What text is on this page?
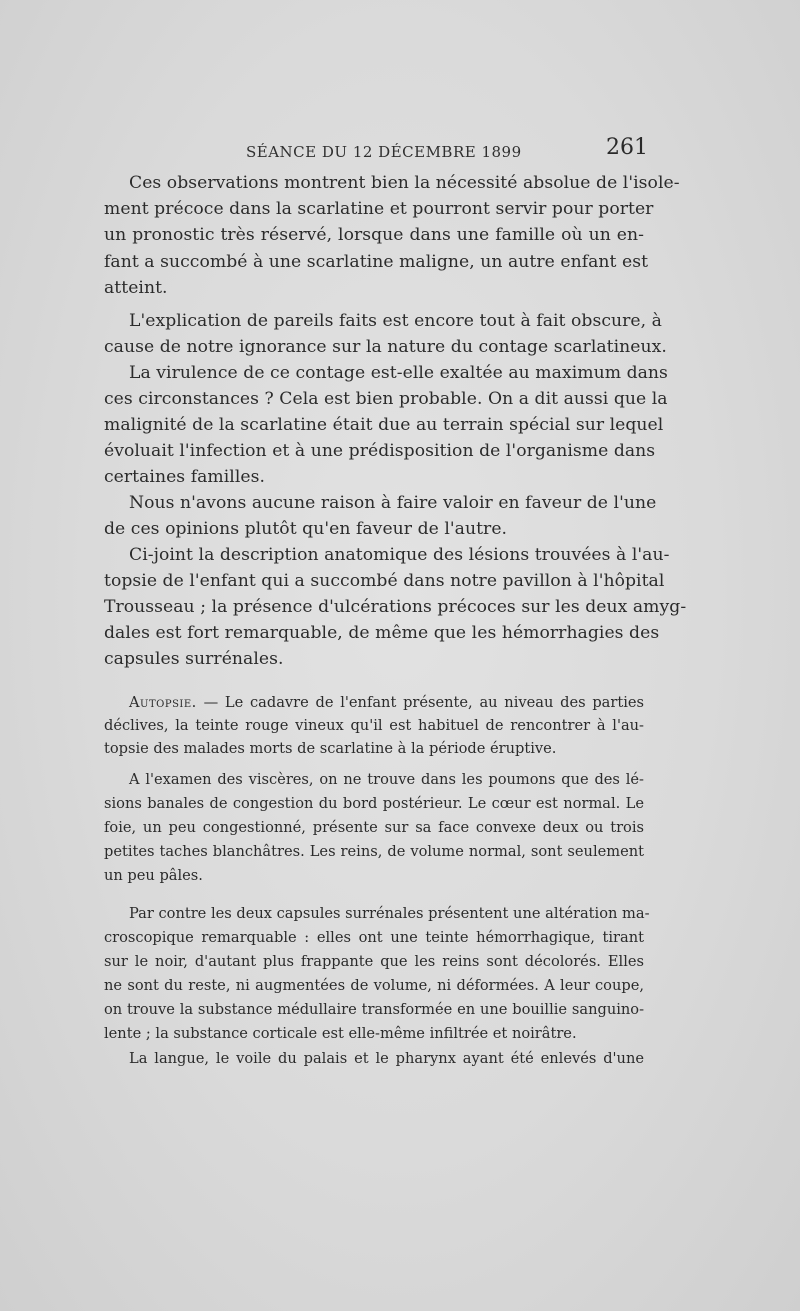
SÉANCE DU 12 DÉCEMBRE 1899	261
Ces observations montrent bien la nécessité absolue de l'isole-
ment précoce dans la scarlatine et pourront servir pour porter
un pronostic très réservé, lorsque dans une famille où un en-
fant a succombé à une scarlatine maligne, un autre enfant est
atteint.
L'explication de pareils faits est encore tout à fait obscure, à
cause de notre ignorance sur la nature du contage scarlatineux.
La virulence de ce contage est-elle exaltée au maximum dans
ces circonstances ? Cela est bien probable. On a dit aussi que la
malignité de la scarlatine était due au terrain spécial sur lequel
évoluait l'infection et à une prédisposition de l'organisme dans
certaines familles.
Nous n'avons aucune raison à faire valoir en faveur de l'une
de ces opinions plutôt qu'en faveur de l'autre.
Ci-joint la description anatomique des lésions trouvées à l'au-
topsie de l'enfant qui a succombé dans notre pavillon à l'hôpital
Trousseau ; la présence d'ulcérations précoces sur les deux amyg-
dales est fort remarquable, de même que les hémorrhagies des
capsules surrénales.
Autopsie. — Le cadavre de l'enfant présente, au niveau des parties
déclives, la teinte rouge vineux qu'il est habituel de rencontrer à l'au-
topsie des malades morts de scarlatine à la période éruptive.
A l'examen des viscères, on ne trouve dans les poumons que des lé-
sions banales de congestion du bord postérieur. Le cœur est normal. Le
foie, un peu congestionné, présente sur sa face convexe deux ou trois
petites taches blanchâtres. Les reins, de volume normal, sont seulement
un peu pâles.
Par contre les deux capsules surrénales présentent une altération ma-
croscopique remarquable : elles ont une teinte hémorrhagique, tirant
sur le noir, d'autant plus frappante que les reins sont décolorés. Elles
ne sont du reste, ni augmentées de volume, ni déformées. A leur coupe,
on trouve la substance médullaire transformée en une bouillie sanguino-
lente ; la substance corticale est elle-même infiltrée et noirâtre.
La langue, le voile du palais et le pharynx ayant été enlevés d'une
